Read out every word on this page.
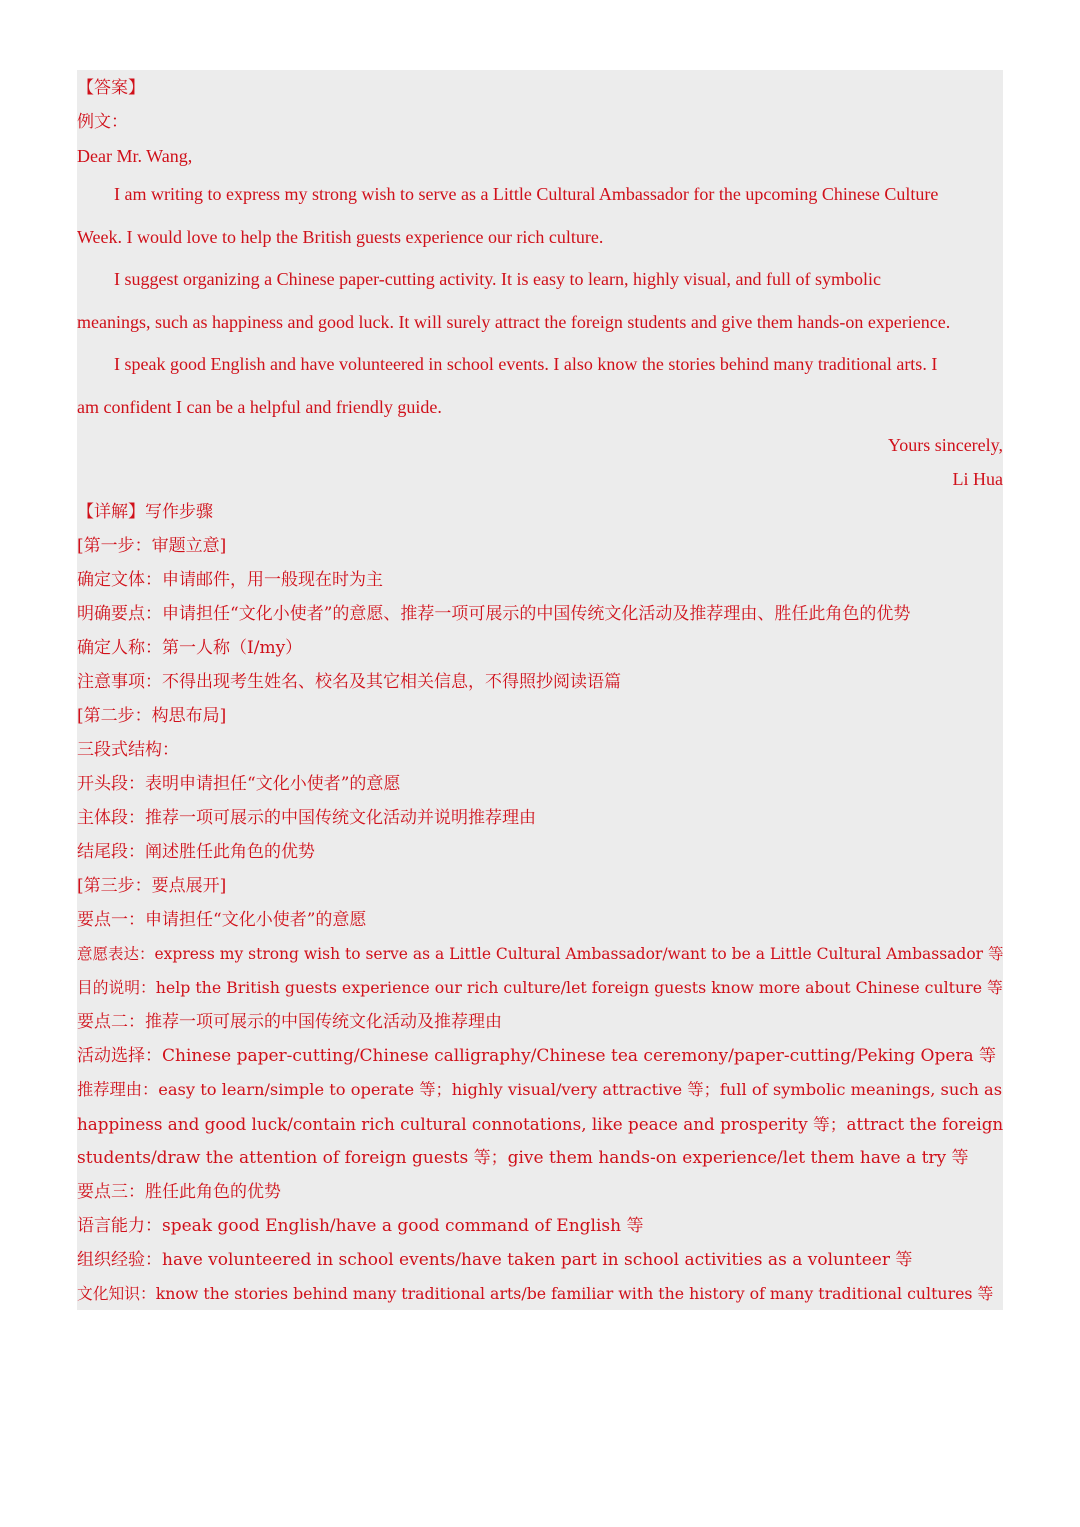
【答案】
例文：
Dear Mr. Wang,
I am writing to express my strong wish to serve as a Little Cultural Ambassador for the upcoming Chinese Culture
Week. I would love to help the British guests experience our rich culture.
I suggest organizing a Chinese paper-cutting activity. It is easy to learn, highly visual, and full of symbolic
meanings, such as happiness and good luck. It will surely attract the foreign students and give them hands-on experience.
I speak good English and have volunteered in school events. I also know the stories behind many traditional arts. I
am confident I can be a helpful and friendly guide.
Yours sincerely,
Li Hua
【详解】写作步骤
[第一步：审题立意]
确定文体：申请邮件，用一般现在时为主
明确要点：申请担任“文化小使者”的意愿、推荐一项可展示的中国传统文化活动及推荐理由、胜任此角色的优势
确定人称：第一人称（I/my）
注意事项：不得出现考生姓名、校名及其它相关信息，不得照抄阅读语篇
[第二步：构思布局]
三段式结构：
开头段：表明申请担任“文化小使者”的意愿
主体段：推荐一项可展示的中国传统文化活动并说明推荐理由
结尾段：阐述胜任此角色的优势
[第三步：要点展开]
要点一：申请担任“文化小使者”的意愿
意愿表达：express my strong wish to serve as a Little Cultural Ambassador/want to be a Little Cultural Ambassador 等
目的说明：help the British guests experience our rich culture/let foreign guests know more about Chinese culture 等
要点二：推荐一项可展示的中国传统文化活动及推荐理由
活动选择：Chinese paper-cutting/Chinese calligraphy/Chinese tea ceremony/paper-cutting/Peking Opera 等
推荐理由：easy to learn/simple to operate 等；highly visual/very attractive 等；full of symbolic meanings, such as
happiness and good luck/contain rich cultural connotations, like peace and prosperity 等；attract the foreign
students/draw the attention of foreign guests 等；give them hands-on experience/let them have a try 等
要点三：胜任此角色的优势
语言能力：speak good English/have a good command of English 等
组织经验：have volunteered in school events/have taken part in school activities as a volunteer 等
文化知识：know the stories behind many traditional arts/be familiar with the history of many traditional cultures 等
